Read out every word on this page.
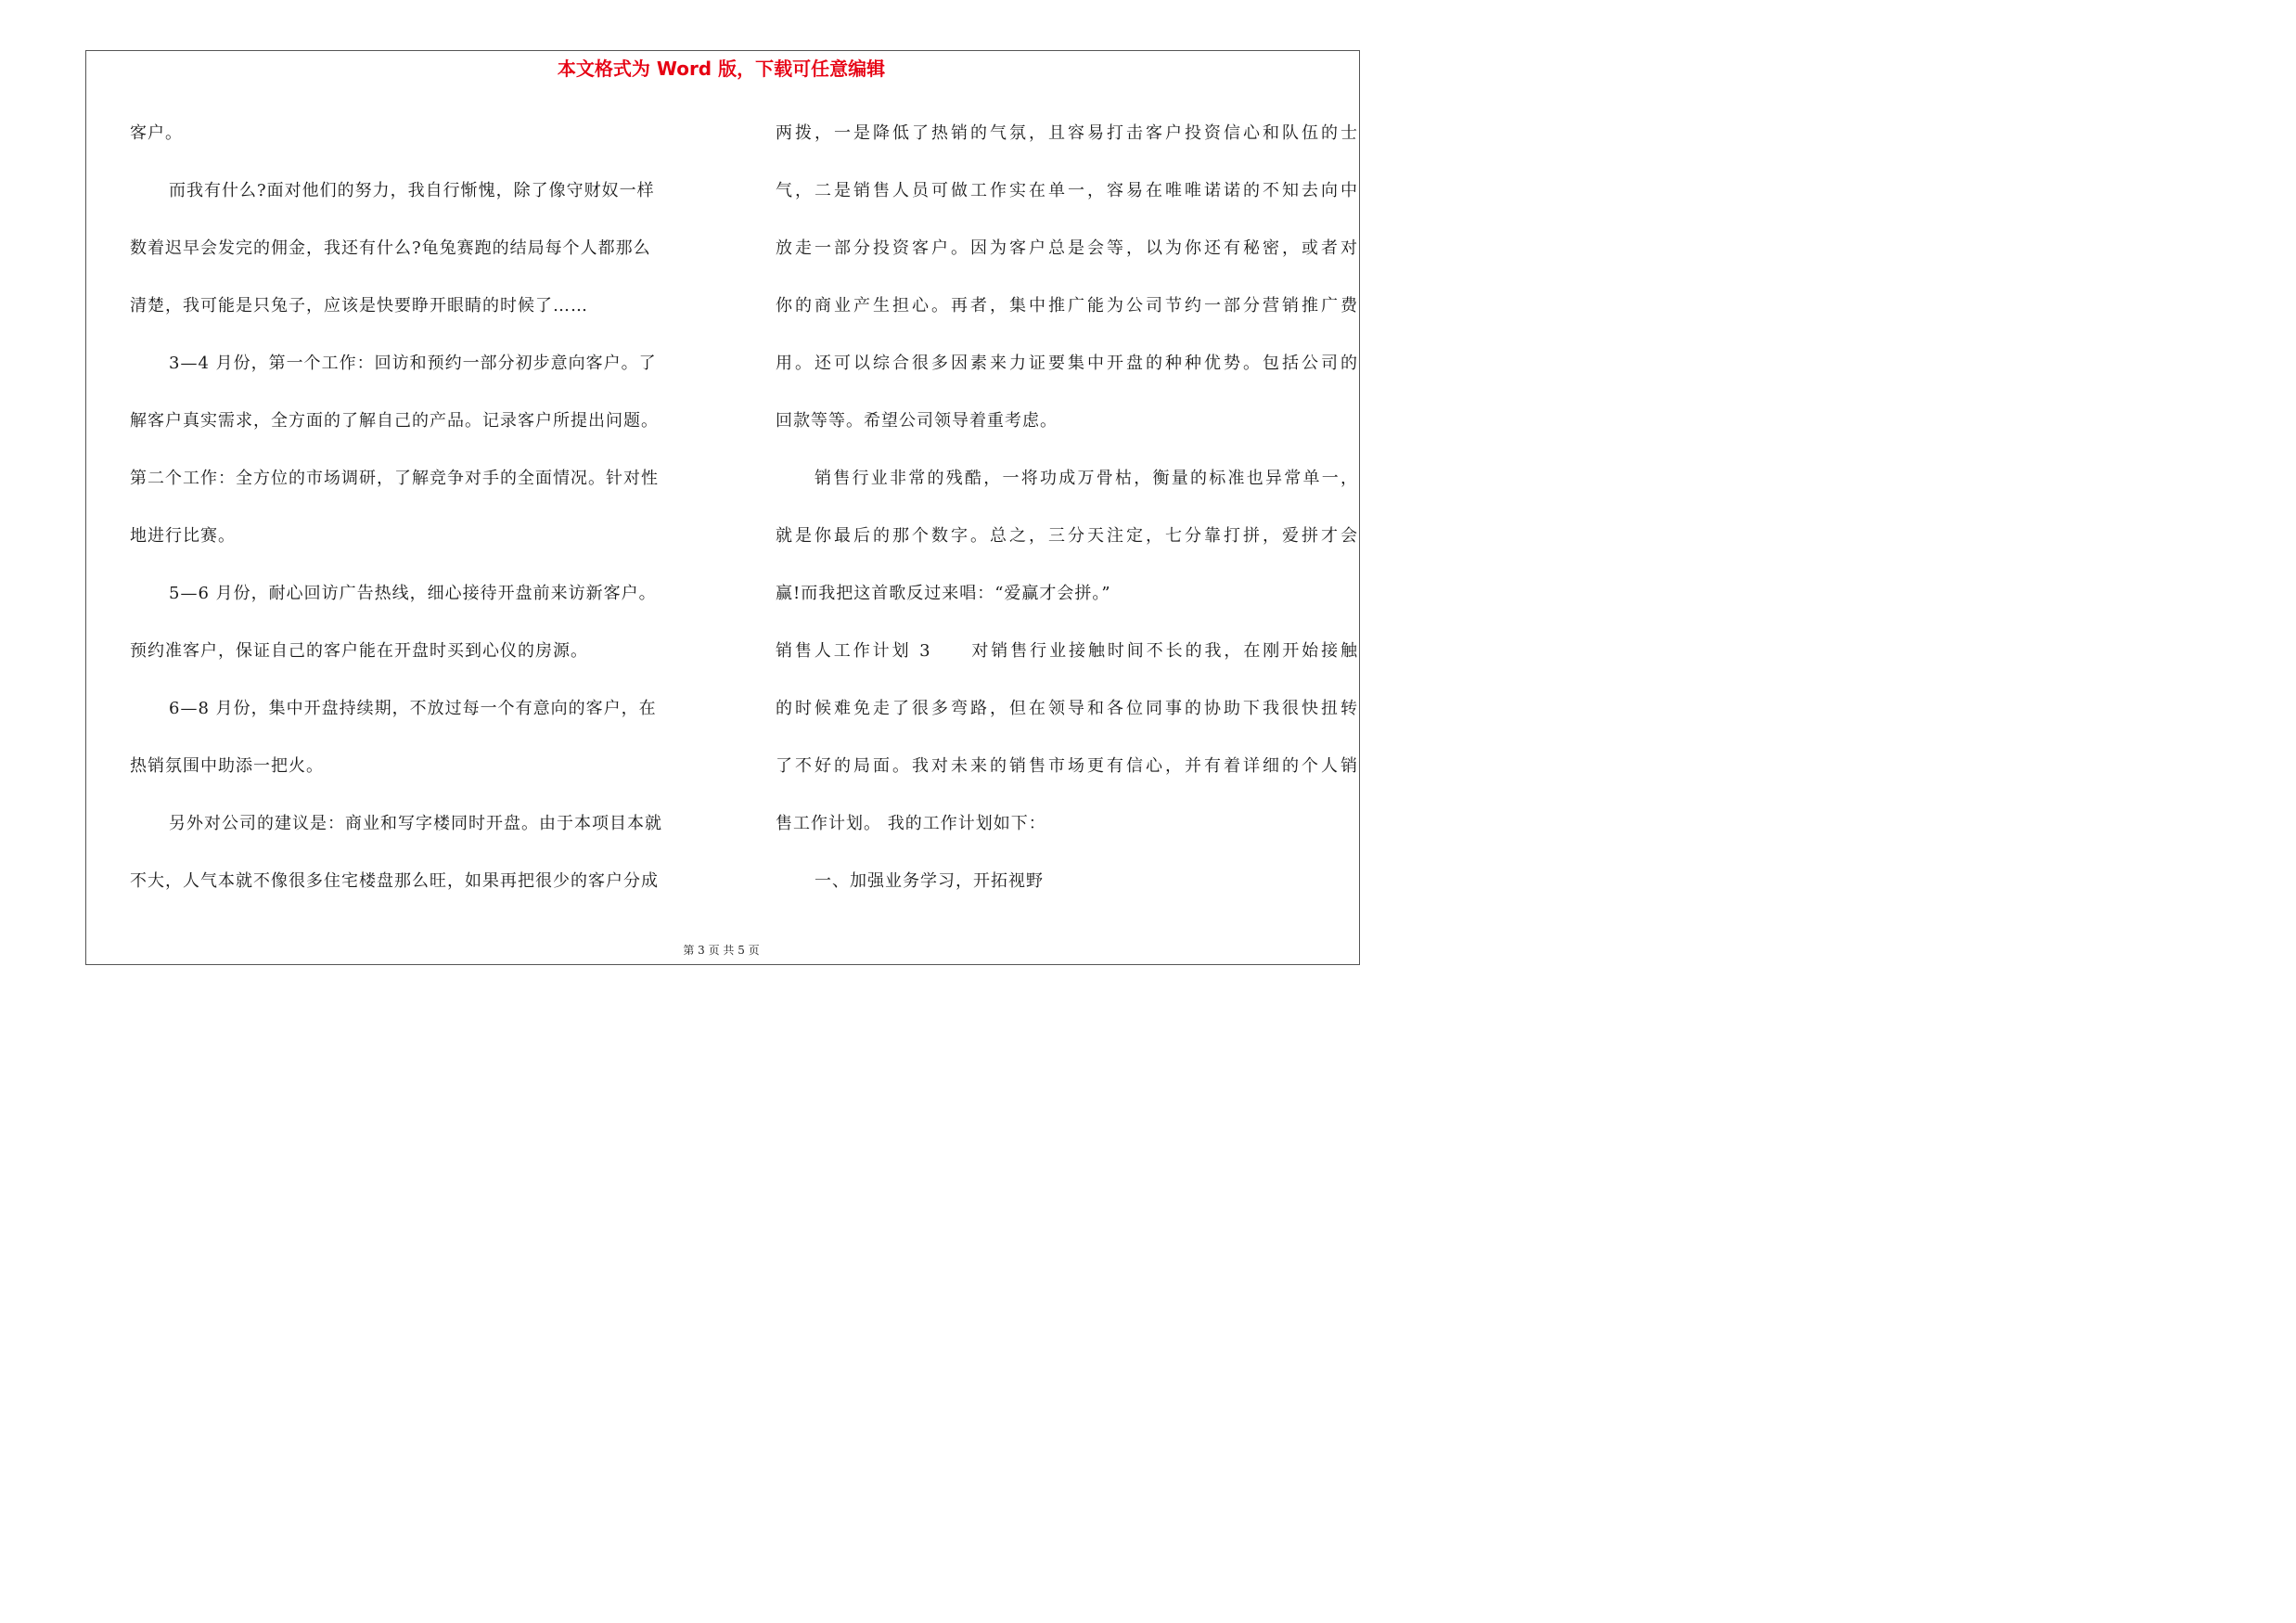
本文格式为 Word 版，下载可任意编辑
客户。
而我有什么?面对他们的努力，我自行惭愧，除了像守财奴一样
数着迟早会发完的佣金，我还有什么?龟兔赛跑的结局每个人都那么
清楚，我可能是只兔子，应该是快要睁开眼睛的时候了……
3—4 月份，第一个工作：回访和预约一部分初步意向客户。了
解客户真实需求，全方面的了解自己的产品。记录客户所提出问题。
第二个工作：全方位的市场调研，了解竞争对手的全面情况。针对性
地进行比赛。
5—6 月份，耐心回访广告热线，细心接待开盘前来访新客户。
预约准客户，保证自己的客户能在开盘时买到心仪的房源。
6—8 月份，集中开盘持续期，不放过每一个有意向的客户，在
热销氛围中助添一把火。
另外对公司的建议是：商业和写字楼同时开盘。由于本项目本就
不大，人气本就不像很多住宅楼盘那么旺，如果再把很少的客户分成
两拨，一是降低了热销的气氛，且容易打击客户投资信心和队伍的士
气，二是销售人员可做工作实在单一，容易在唯唯诺诺的不知去向中
放走一部分投资客户。因为客户总是会等，以为你还有秘密，或者对
你的商业产生担心。再者，集中推广能为公司节约一部分营销推广费
用。还可以综合很多因素来力证要集中开盘的种种优势。包括公司的
回款等等。希望公司领导着重考虑。
销售行业非常的残酷，一将功成万骨枯，衡量的标准也异常单一，
就是你最后的那个数字。总之，三分天注定，七分靠打拼，爱拼才会
赢!而我把这首歌反过来唱：“爱赢才会拼。”
销售人工作计划 3　　对销售行业接触时间不长的我，在刚开始接触
的时候难免走了很多弯路，但在领导和各位同事的协助下我很快扭转
了不好的局面。我对未来的销售市场更有信心，并有着详细的个人销
售工作计划。 我的工作计划如下：
一、加强业务学习，开拓视野
第 3 页 共 5 页
